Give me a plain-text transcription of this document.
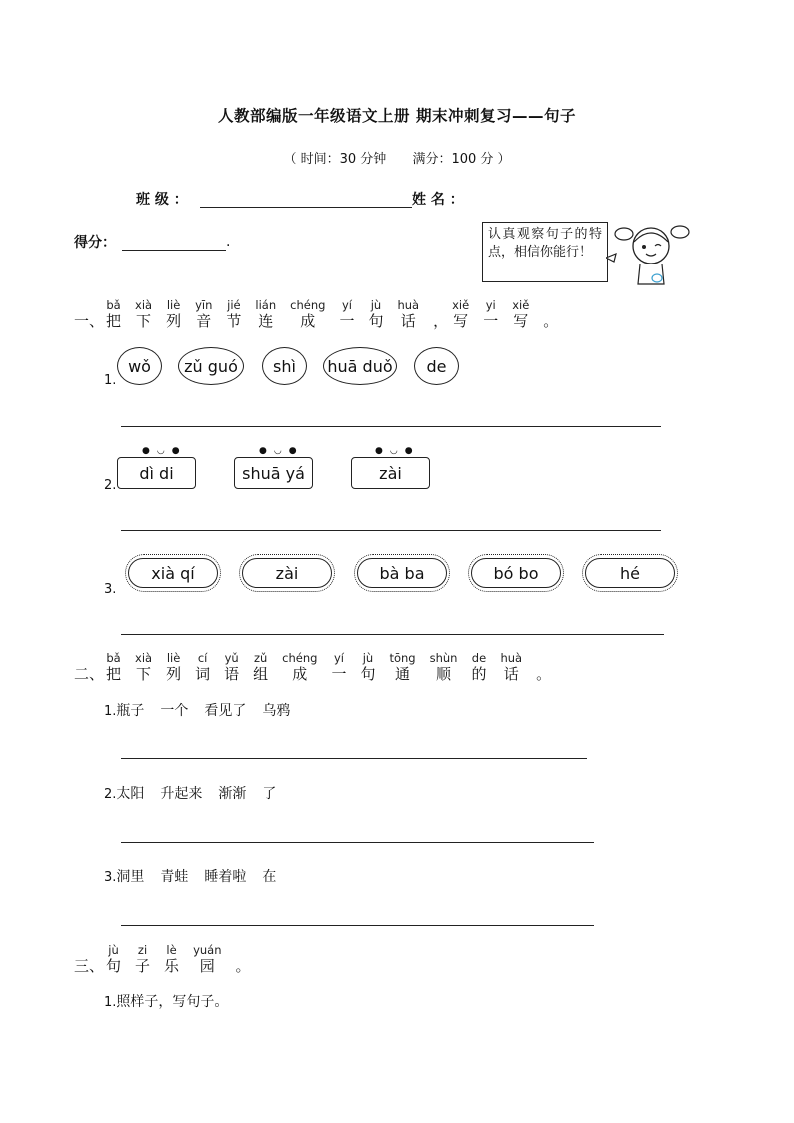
人教部编版一年级语文上册 期末冲刺复习——句子
（ 时间：30 分钟 满分：100 分 ）
班 级 ：	姓 名 ：
得分：	.	认真观察句子的特点，相信你能行！
一、
bǎ
把
xià
下
liè
列
yīn
音
jié
节
lián
连
chéng
成
yí
一
jù
句
huà
话 ，
xiě
写
yi
一
xiě
写 。
1.
wǒ	zǔ guó	shì	huā duǒ	de
2.
●◡●
dì di
●◡●
shuā yá
●◡●
zài
3.
xià qí	zài	bà ba	bó bo	hé
二、
bǎ
把
xià
下
liè
列
cí
词
yǔ
语
zǔ
组
chéng
成
yí
一
jù
句
tōng
通
shùn
顺
de
的
huà
话 。
1.瓶子 一个 看见了 乌鸦
2.太阳 升起来 渐渐 了
3.洞里 青蛙 睡着啦 在
三、
jù
句
zi
子
lè
乐
yuán
园 。
1.照样子，写句子。
